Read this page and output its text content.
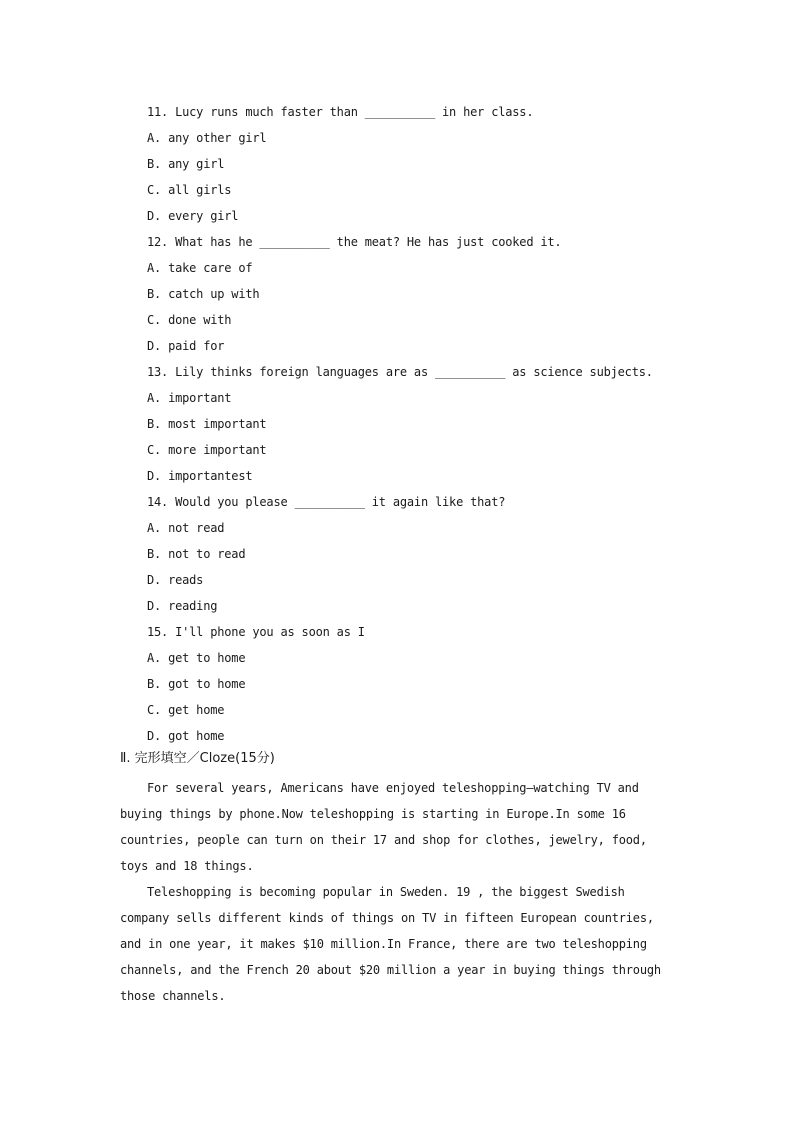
11. Lucy runs much faster than __________ in her class.
A. any other girl
B. any girl
C. all girls
D. every girl
12. What has he __________ the meat? He has just cooked it.
A. take care of
B. catch up with
C. done with
D. paid for
13. Lily thinks foreign languages are as __________ as science subjects.
A. important
B. most important
C. more important
D. importantest
14. Would you please __________ it again like that?
A. not read
B. not to read
D. reads
D. reading
15. I'll phone you as soon as I
A. get to home
B. got to home
C. get home
D. got home
Ⅱ. 完形填空／Cloze(15分)
For several years, Americans have enjoyed teleshopping—watching TV and
buying things by phone.Now teleshopping is starting in Europe.In some 16
countries, people can turn on their 17 and shop for clothes, jewelry, food,
toys and 18 things.
Teleshopping is becoming popular in Sweden. 19 , the biggest Swedish
company sells different kinds of things on TV in fifteen European countries,
and in one year, it makes $10 million.In France, there are two teleshopping
channels, and the French 20 about $20 million a year in buying things through
those channels.
